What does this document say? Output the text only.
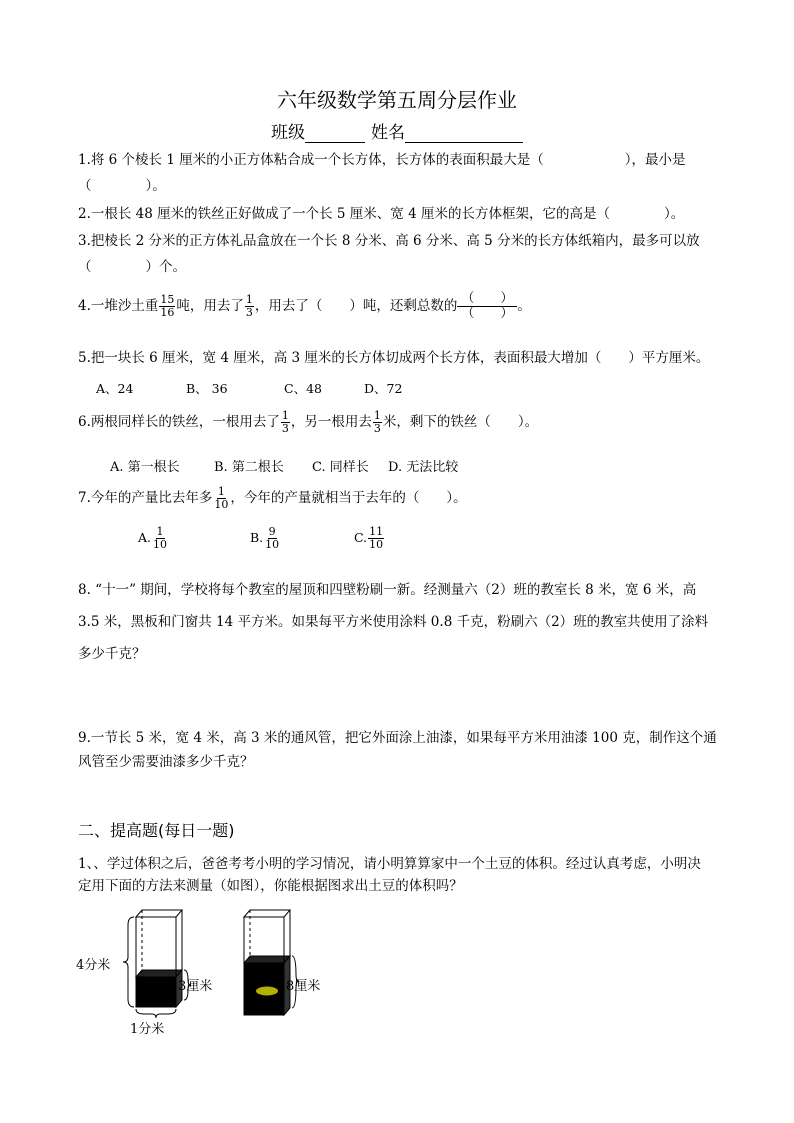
六年级数学第五周分层作业
班级	姓名
1.将 6 个棱长 1 厘米的小正方体粘合成一个长方体，长方体的表面积最大是（　　　　　　），最小是
（　　　　）。
2.一根长 48 厘米的铁丝正好做成了一个长 5 厘米、宽 4 厘米的长方体框架，它的高是（　　　　）。
3.把棱长 2 分米的正方体礼品盒放在一个长 8 分米、高 6 分米、高 5 分米的长方体纸箱内，最多可以放
（　　　　）个。
4.一堆沙土重 $\frac{15}{16}$ 吨，用去了 $\frac{1}{3}$ ，用去了（　　）吨，还剩总数的 $\frac{( )}{( )}$ 。
5.把一块长 6 厘米，宽 4 厘米，高 3 厘米的长方体切成两个长方体，表面积最大增加（　　）平方厘米。
A、24	B、 36	C、48	D、72
6.两根同样长的铁丝，一根用去了 $\frac{1}{3}$ ，另一根用去 $\frac{1}{3}$ 米，剩下的铁丝（　　）。
A. 第一根长	B. 第二根长 C. 同样长 D. 无法比较
7.今年的产量比去年多 $\frac{1}{10}$ ，今年的产量就相当于去年的（　　）。
A. $\frac{1}{10}$	B. $\frac{9}{10}$	C. $\frac{11}{10}$
8. “十一” 期间，学校将每个教室的屋顶和四壁粉刷一新。经测量六（2）班的教室长 8 米，宽 6 米，高
3.5 米，黑板和门窗共 14 平方米。如果每平方米使用涂料 0.8 千克，粉刷六（2）班的教室共使用了涂料
多少千克？
9.一节长 5 米，宽 4 米，高 3 米的通风管，把它外面涂上油漆，如果每平方米用油漆 100 克，制作这个通
风管至少需要油漆多少千克？
二、提高题(每日一题)
1、、学过体积之后，爸爸考考小明的学习情况，请小明算算家中一个土豆的体积。经过认真考虑，小明决
定用下面的方法来测量（如图），你能根据图求出土豆的体积吗？
4分米
3厘米
1分米
8厘米
